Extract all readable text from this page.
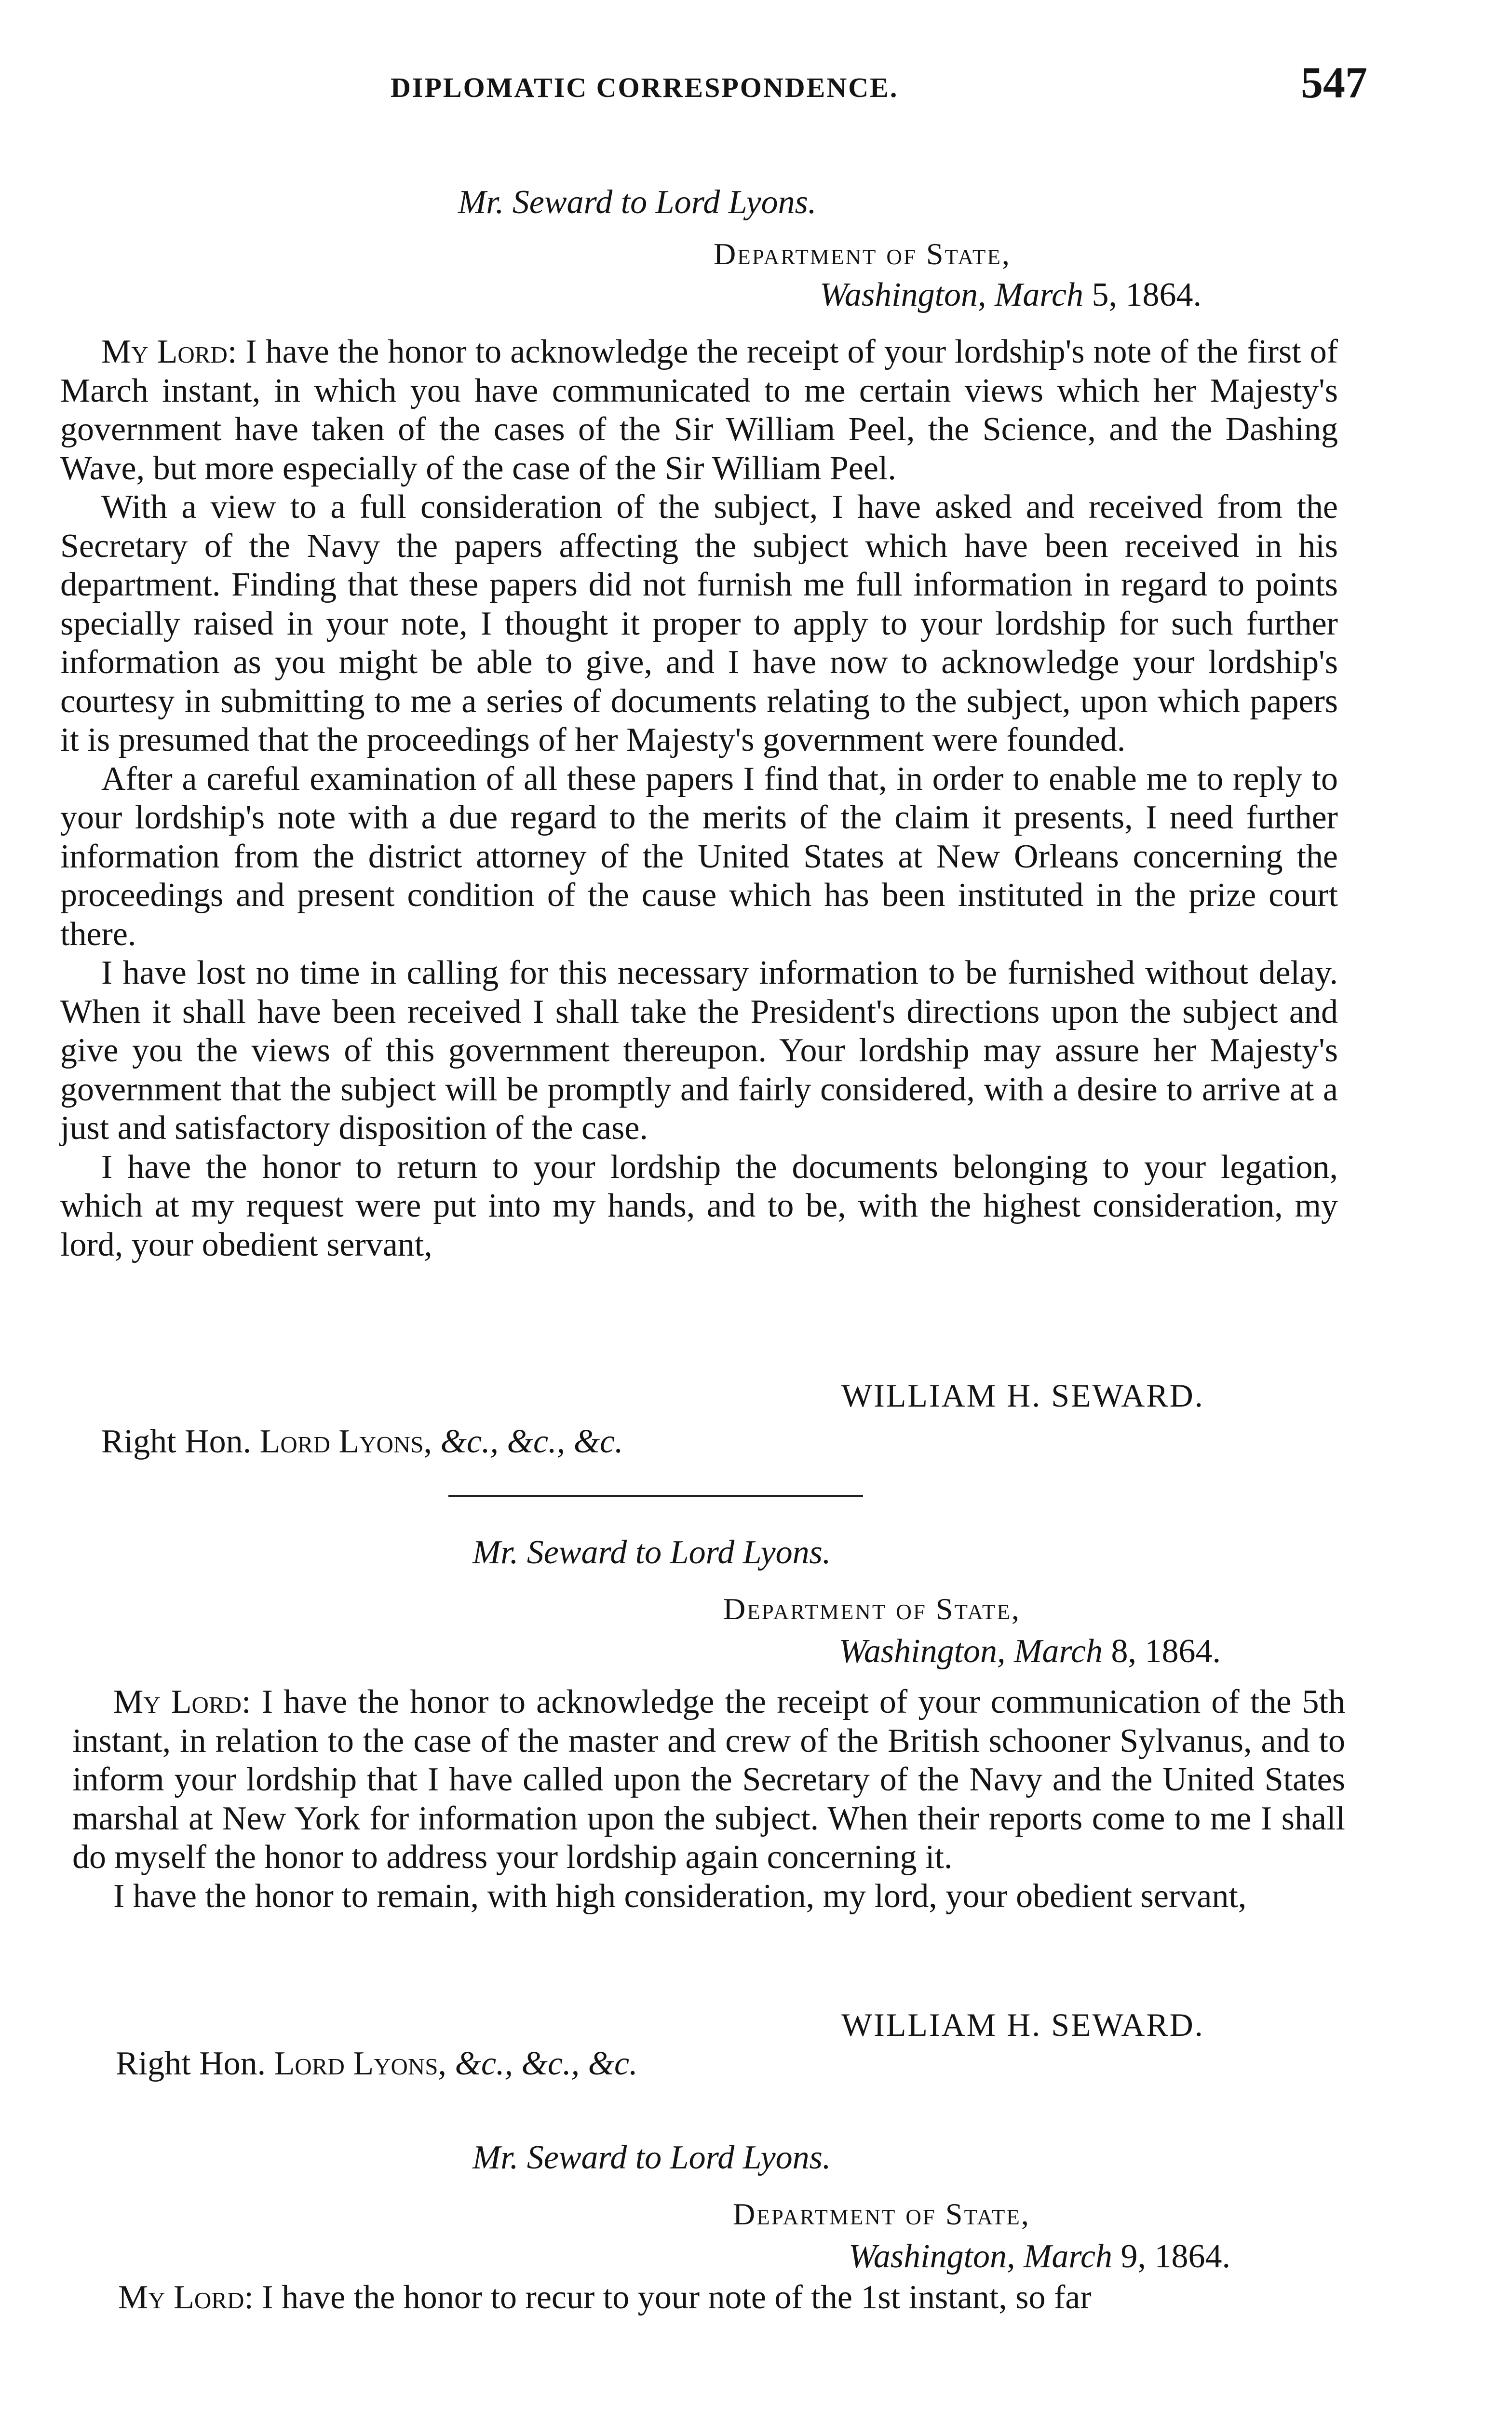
DIPLOMATIC CORRESPONDENCE.	547
Mr. Seward to Lord Lyons.
Department of State,
Washington, March 5, 1864.

My Lord: I have the honor to acknowledge the receipt of your lordship's note of the first of March instant, in which you have communicated to me certain views which her Majesty's government have taken of the cases of the Sir William Peel, the Science, and the Dashing Wave, but more especially of the case of the Sir William Peel.

With a view to a full consideration of the subject, I have asked and received from the Secretary of the Navy the papers affecting the subject which have been received in his department. Finding that these papers did not furnish me full information in regard to points specially raised in your note, I thought it proper to apply to your lordship for such further information as you might be able to give, and I have now to acknowledge your lordship's courtesy in submitting to me a series of documents relating to the subject, upon which papers it is presumed that the proceedings of her Majesty's government were founded.

After a careful examination of all these papers I find that, in order to enable me to reply to your lordship's note with a due regard to the merits of the claim it presents, I need further information from the district attorney of the United States at New Orleans concerning the proceedings and present condition of the cause which has been instituted in the prize court there.

I have lost no time in calling for this necessary information to be furnished without delay. When it shall have been received I shall take the President's directions upon the subject and give you the views of this government thereupon. Your lordship may assure her Majesty's government that the subject will be promptly and fairly considered, with a desire to arrive at a just and satisfactory disposition of the case.

I have the honor to return to your lordship the documents belonging to your legation, which at my request were put into my hands, and to be, with the highest consideration, my lord, your obedient servant,

WILLIAM H. SEWARD.
Right Hon. Lord Lyons, &c., &c., &c.
Mr. Seward to Lord Lyons.
Department of State,
Washington, March 8, 1864.

My Lord: I have the honor to acknowledge the receipt of your communication of the 5th instant, in relation to the case of the master and crew of the British schooner Sylvanus, and to inform your lordship that I have called upon the Secretary of the Navy and the United States marshal at New York for information upon the subject. When their reports come to me I shall do myself the honor to address your lordship again concerning it.

I have the honor to remain, with high consideration, my lord, your obedient servant,

WILLIAM H. SEWARD.
Right Hon. Lord Lyons, &c., &c., &c.
Mr. Seward to Lord Lyons.
Department of State,
Washington, March 9, 1864.

My Lord: I have the honor to recur to your note of the 1st instant, so far
